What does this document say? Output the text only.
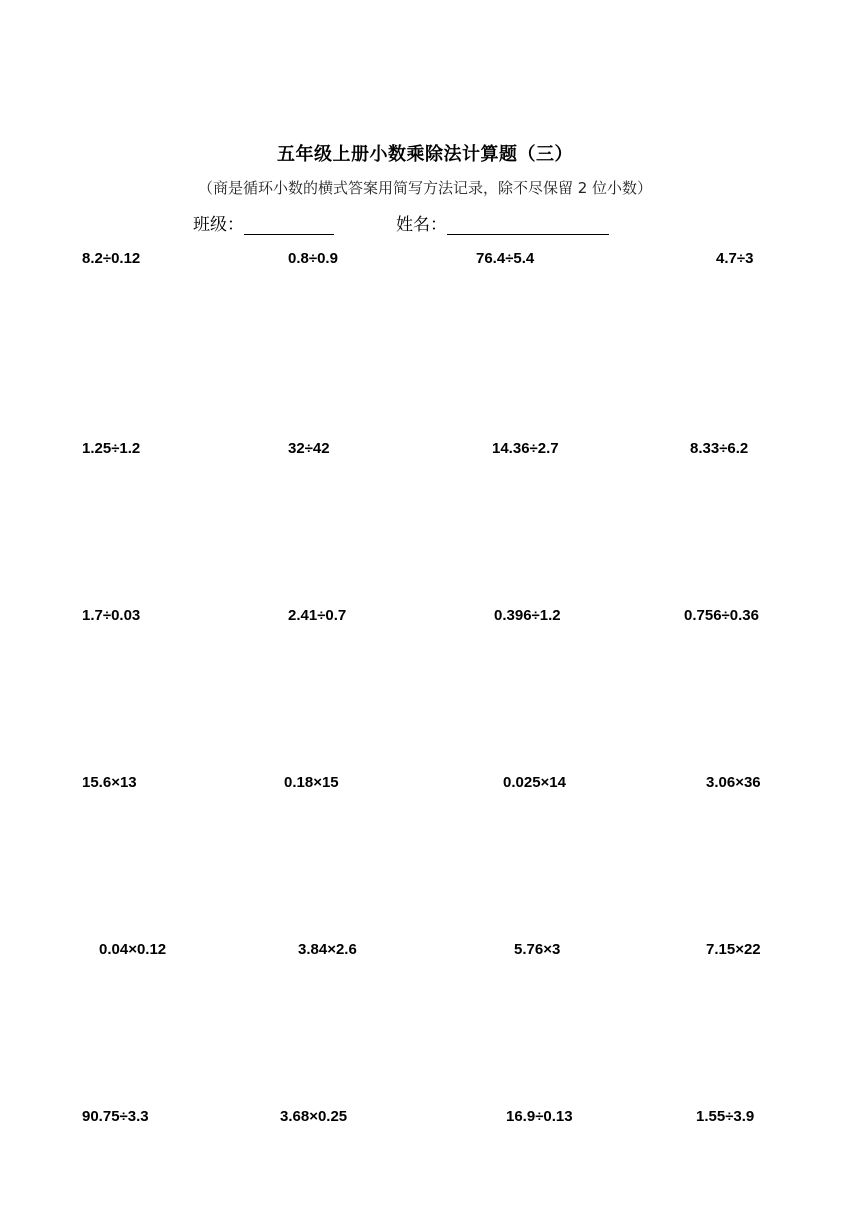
五年级上册小数乘除法计算题（三）
（商是循环小数的横式答案用简写方法记录，除不尽保留 2 位小数）
班级：	姓名：
8.2÷0.12	0.8÷0.9	76.4÷5.4	4.7÷3
1.25÷1.2	32÷42	14.36÷2.7	8.33÷6.2
1.7÷0.03	2.41÷0.7	0.396÷1.2	0.756÷0.36
15.6×13	0.18×15	0.025×14	3.06×36
0.04×0.12	3.84×2.6	5.76×3	7.15×22
90.75÷3.3	3.68×0.25	16.9÷0.13	1.55÷3.9
